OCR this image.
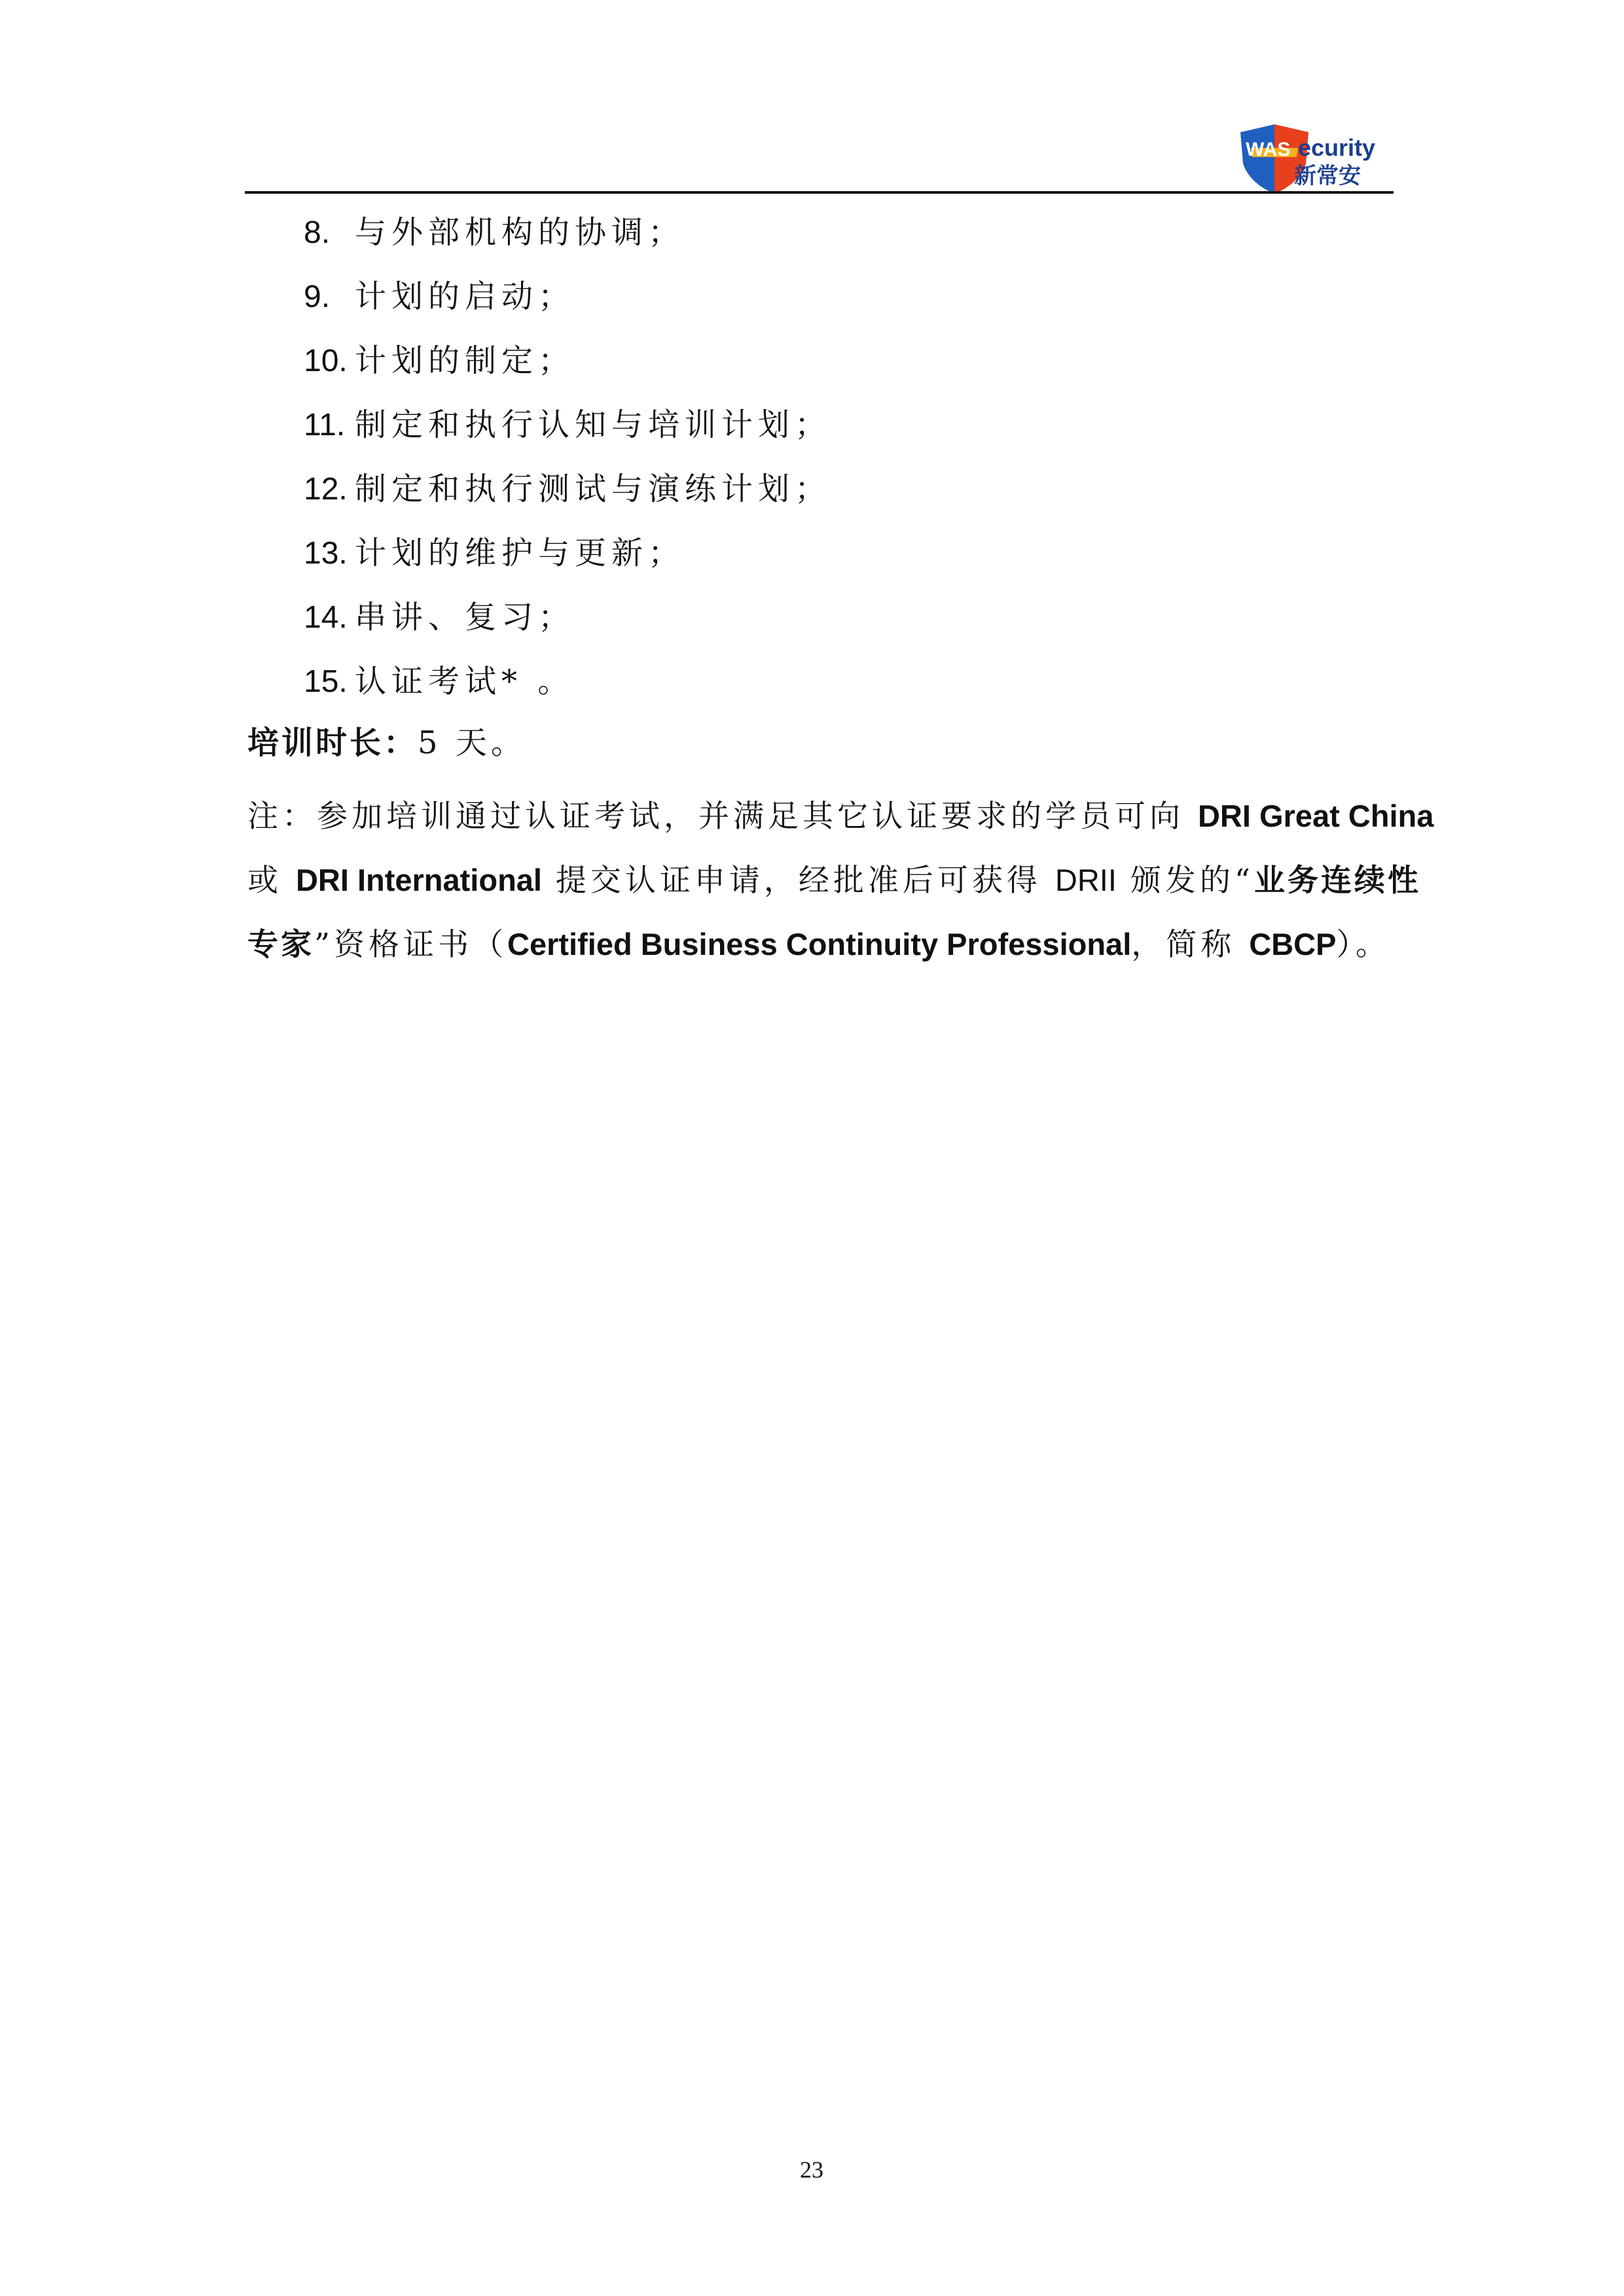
WAS ecurity
新常安
8. 与外部机构的协调；
9. 计划的启动；
10. 计划的制定；
11. 制定和执行认知与培训计划；
12. 制定和执行测试与演练计划；
13. 计划的维护与更新；
14. 串讲、复习；
15. 认证考试* 。
培训时长：5 天。
注：参加培训通过认证考试，并满足其它认证要求的学员可向 DRI Great China
或 DRI International 提交认证申请，经批准后可获得 DRII 颁发的“业务连续性
专家”资格证书（Certified Business Continuity Professional，简称 CBCP）。
23
